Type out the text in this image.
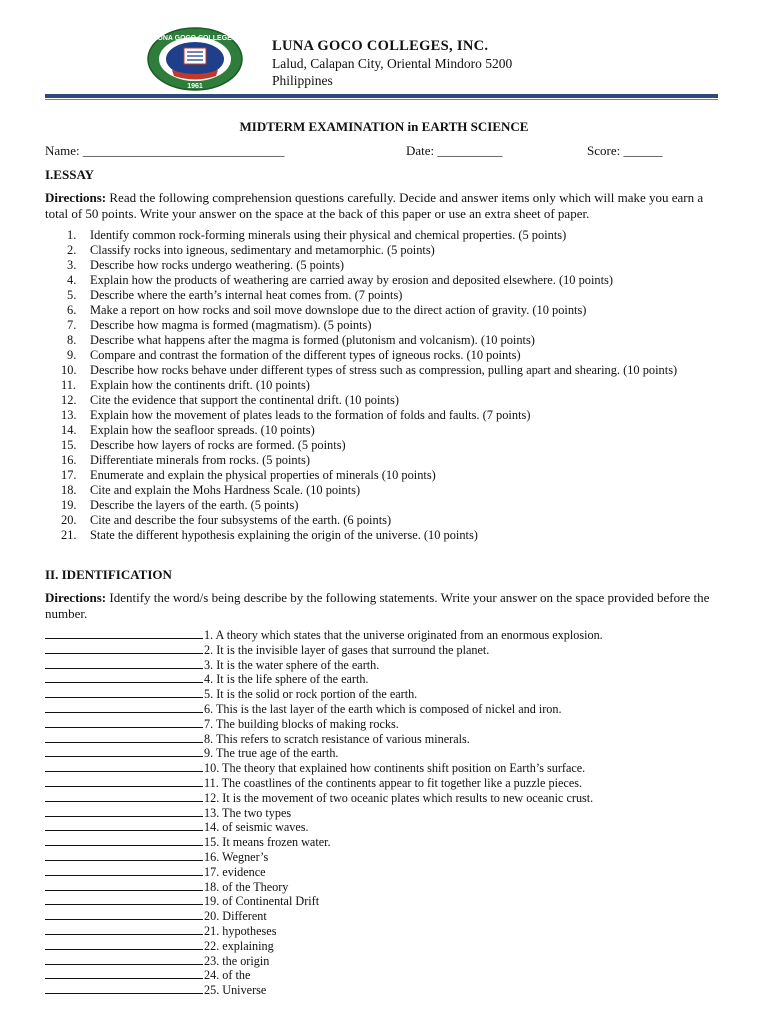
LUNA GOCO COLLEGES
1961
LUNA GOCO COLLEGES, INC.
Lalud, Calapan City, Oriental Mindoro 5200
Philippines
MIDTERM EXAMINATION in EARTH SCIENCE
Name: _______________________________	Date: __________	Score: ______
I.ESSAY
Directions: Read the following comprehension questions carefully. Decide and answer items only which will make you earn a total of 50 points. Write your answer on the space at the back of this paper or use an extra sheet of paper.
1.	Identify common rock-forming minerals using their physical and chemical properties. (5 points)
2.	Classify rocks into igneous, sedimentary and metamorphic. (5 points)
3.	Describe how rocks undergo weathering. (5 points)
4.	Explain how the products of weathering are carried away by erosion and deposited elsewhere. (10 points)
5.	Describe where the earth’s internal heat comes from. (7 points)
6.	Make a report on how rocks and soil move downslope due to the direct action of gravity. (10 points)
7.	Describe how magma is formed (magmatism). (5 points)
8.	Describe what happens after the magma is formed (plutonism and volcanism). (10 points)
9.	Compare and contrast the formation of the different types of igneous rocks. (10 points)
10.	Describe how rocks behave under different types of stress such as compression, pulling apart and shearing. (10 points)
11.	Explain how the continents drift. (10 points)
12.	Cite the evidence that support the continental drift. (10 points)
13.	Explain how the movement of plates leads to the formation of folds and faults. (7 points)
14.	Explain how the seafloor spreads. (10 points)
15.	Describe how layers of rocks are formed. (5 points)
16.	Differentiate minerals from rocks. (5 points)
17.	Enumerate and explain the physical properties of minerals (10 points)
18.	Cite and explain the Mohs Hardness Scale. (10 points)
19.	Describe the layers of the earth. (5 points)
20.	Cite and describe the four subsystems of the earth. (6 points)
21.	State the different hypothesis explaining the origin of the universe. (10 points)
II. IDENTIFICATION
Directions: Identify the word/s being describe by the following statements. Write your answer on the space provided before the number.
1. A theory which states that the universe originated from an enormous explosion.
2. It is the invisible layer of gases that surround the planet.
3. It is the water sphere of the earth.
4. It is the life sphere of the earth.
5. It is the solid or rock portion of the earth.
6. This is the last layer of the earth which is composed of nickel and iron.
7. The building blocks of making rocks.
8. This refers to scratch resistance of various minerals.
9. The true age of the earth.
10. The theory that explained how continents shift position on Earth’s surface.
11. The coastlines of the continents appear to fit together like a puzzle pieces.
12. It is the movement of two oceanic plates which results to new oceanic crust.
13. The two types
14. of seismic waves.
15. It means frozen water.
16. Wegner’s
17. evidence
18. of the Theory
19. of Continental Drift
20. Different
21. hypotheses
22. explaining
23. the origin
24. of the
25. Universe
